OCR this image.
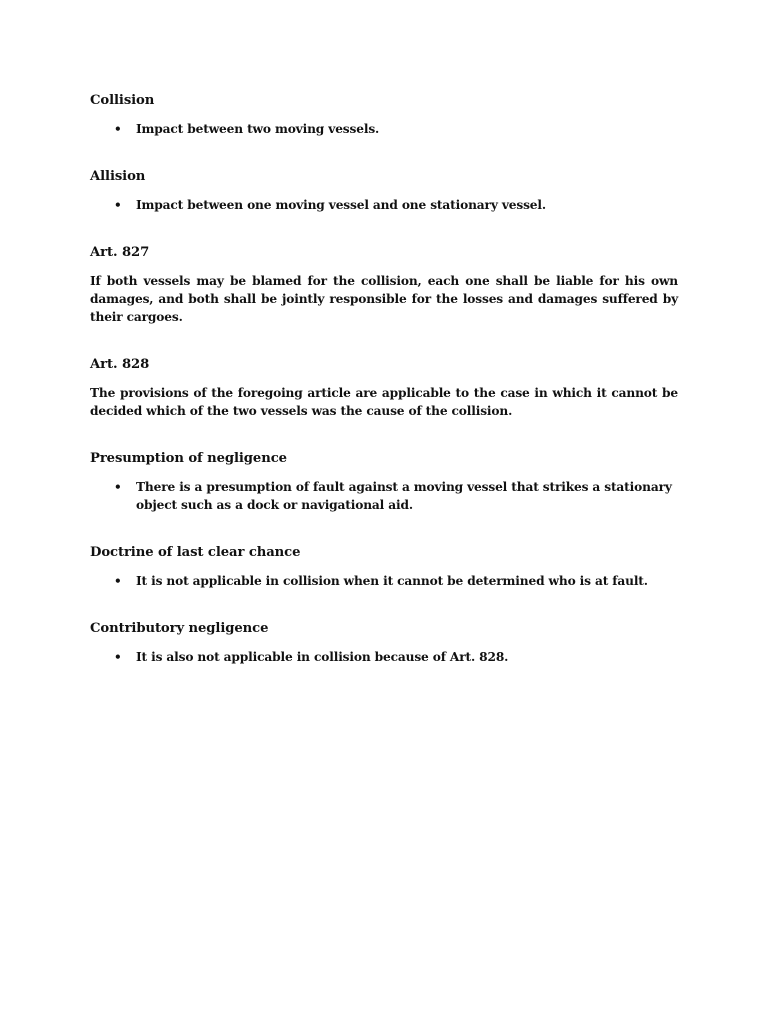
Collision
• Impact between two moving vessels.
Allision
• Impact between one moving vessel and one stationary vessel.
Art. 827

If both vessels may be blamed for the collision, each one shall be liable for his own damages, and both shall be jointly responsible for the losses and damages suffered by their cargoes.

Art. 828

The provisions of the foregoing article are applicable to the case in which it cannot be decided which of the two vessels was the cause of the collision.

Presumption of negligence
• There is a presumption of fault against a moving vessel that strikes a stationary object such as a dock or navigational aid.
Doctrine of last clear chance
• It is not applicable in collision when it cannot be determined who is at fault.
Contributory negligence
• It is also not applicable in collision because of Art. 828.
